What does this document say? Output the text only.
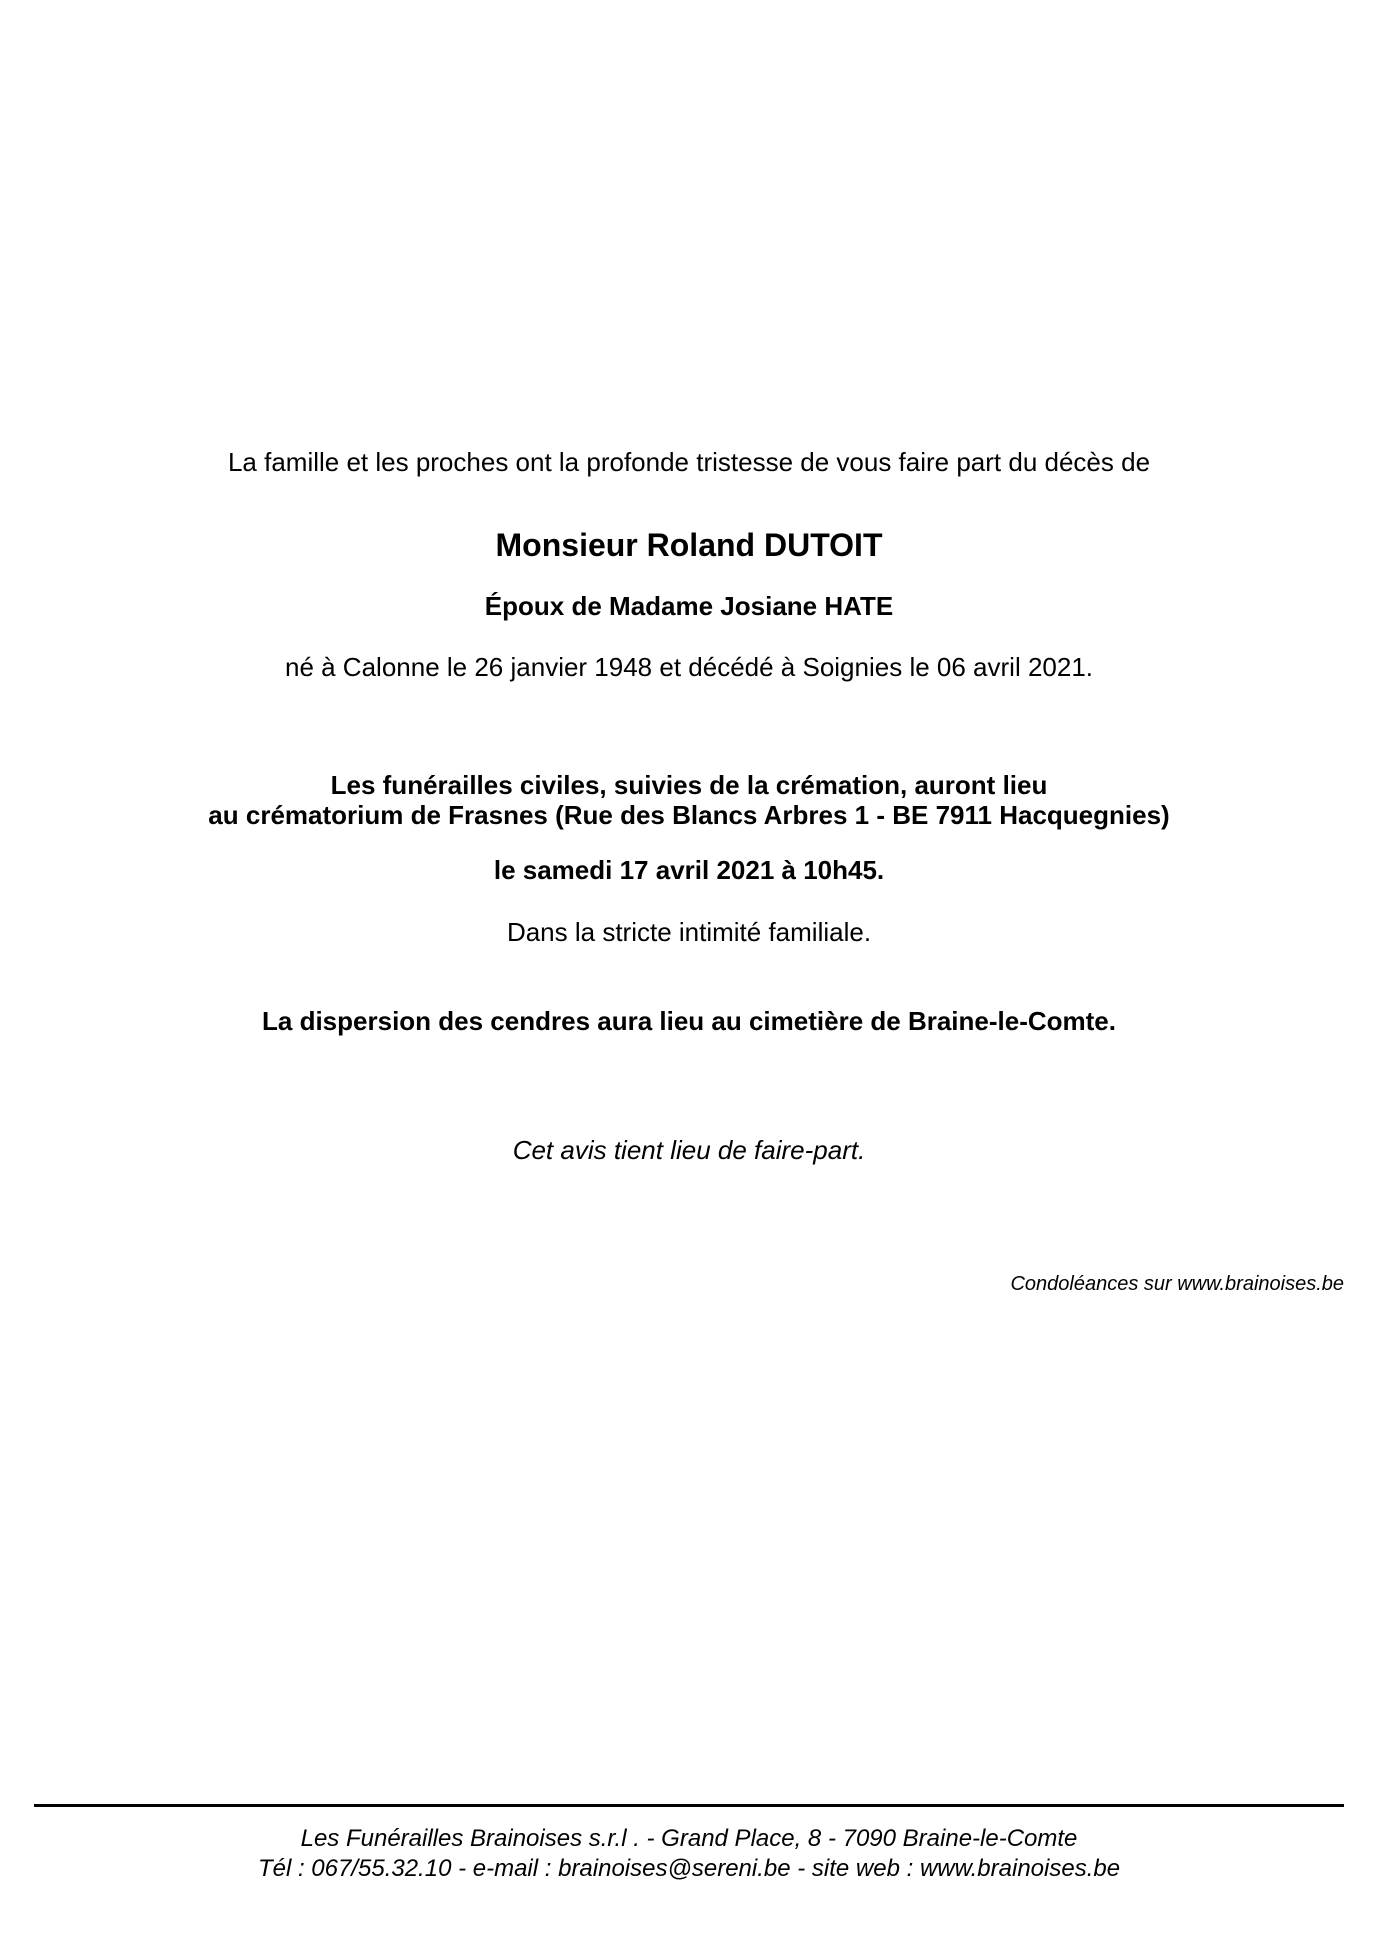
La famille et les proches ont la profonde tristesse de vous faire part du décès de
Monsieur Roland DUTOIT
Époux de Madame Josiane HATE
né à Calonne le 26 janvier 1948 et décédé à Soignies le 06 avril 2021.
Les funérailles civiles, suivies de la crémation, auront lieu
au crématorium de Frasnes (Rue des Blancs Arbres 1 - BE 7911 Hacquegnies)
le samedi 17 avril 2021 à 10h45.
Dans la stricte intimité familiale.
La dispersion des cendres aura lieu au cimetière de Braine-le-Comte.
Cet avis tient lieu de faire-part.
Condoléances sur www.brainoises.be
Les Funérailles Brainoises s.r.l . - Grand Place, 8 - 7090 Braine-le-Comte
Tél : 067/55.32.10 - e-mail : brainoises@sereni.be - site web : www.brainoises.be
